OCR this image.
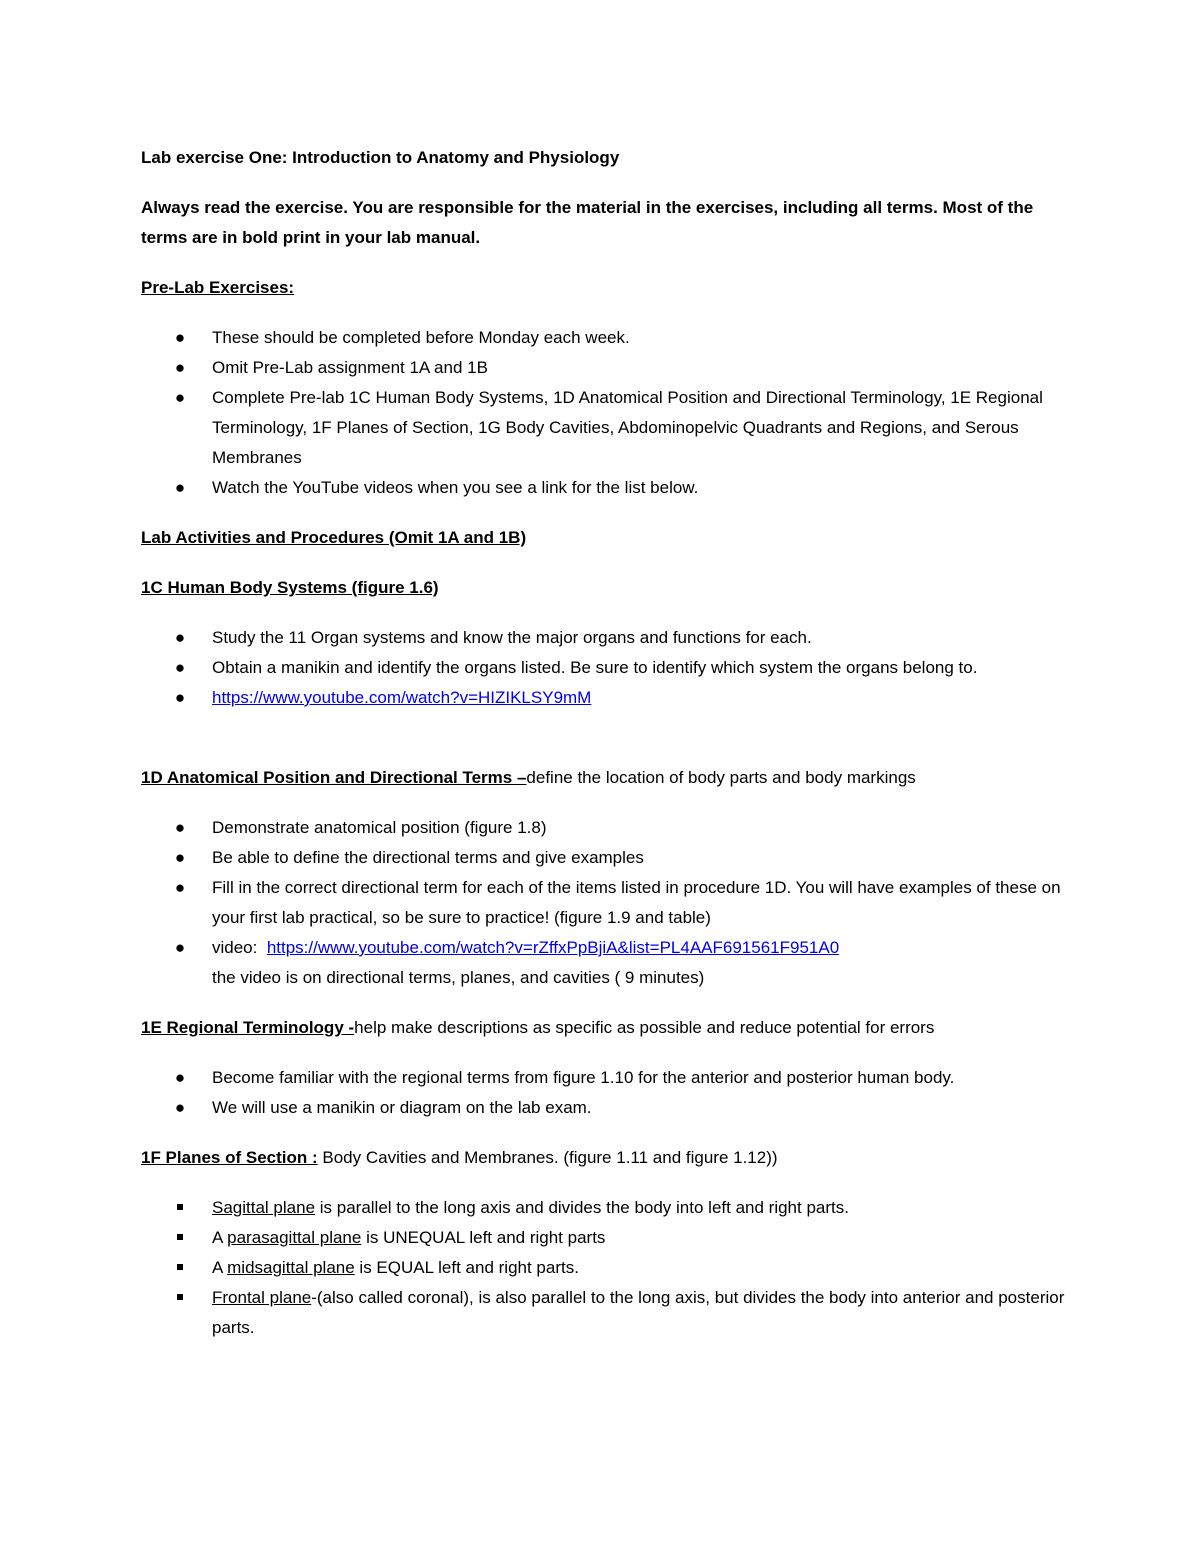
Lab exercise One: Introduction to Anatomy and Physiology

Always read the exercise. You are responsible for the material in the exercises, including all terms. Most of the terms are in bold print in your lab manual.

Pre-Lab Exercises:

● These should be completed before Monday each week.
● Omit Pre-Lab assignment 1A and 1B
● Complete Pre-lab 1C Human Body Systems, 1D Anatomical Position and Directional Terminology, 1E Regional Terminology, 1F Planes of Section, 1G Body Cavities, Abdominopelvic Quadrants and Regions, and Serous Membranes
● Watch the YouTube videos when you see a link for the list below.

Lab Activities and Procedures (Omit 1A and 1B)

1C Human Body Systems (figure 1.6)

● Study the 11 Organ systems and know the major organs and functions for each.
● Obtain a manikin and identify the organs listed. Be sure to identify which system the organs belong to.
● https://www.youtube.com/watch?v=HIZIKLSY9mM

1D Anatomical Position and Directional Terms –define the location of body parts and body markings

● Demonstrate anatomical position (figure 1.8)
● Be able to define the directional terms and give examples
● Fill in the correct directional term for each of the items listed in procedure 1D. You will have examples of these on your first lab practical, so be sure to practice! (figure 1.9 and table)
● video: https://www.youtube.com/watch?v=rZffxPpBjiA&list=PL4AAF691561F951A0
the video is on directional terms, planes, and cavities ( 9 minutes)

1E Regional Terminology -help make descriptions as specific as possible and reduce potential for errors

● Become familiar with the regional terms from figure 1.10 for the anterior and posterior human body.
● We will use a manikin or diagram on the lab exam.

1F Planes of Section : Body Cavities and Membranes. (figure 1.11 and figure 1.12))

Sagittal plane is parallel to the long axis and divides the body into left and right parts.
A parasagittal plane is UNEQUAL left and right parts
A midsagittal plane is EQUAL left and right parts.
Frontal plane-(also called coronal), is also parallel to the long axis, but divides the body into anterior and posterior parts.
